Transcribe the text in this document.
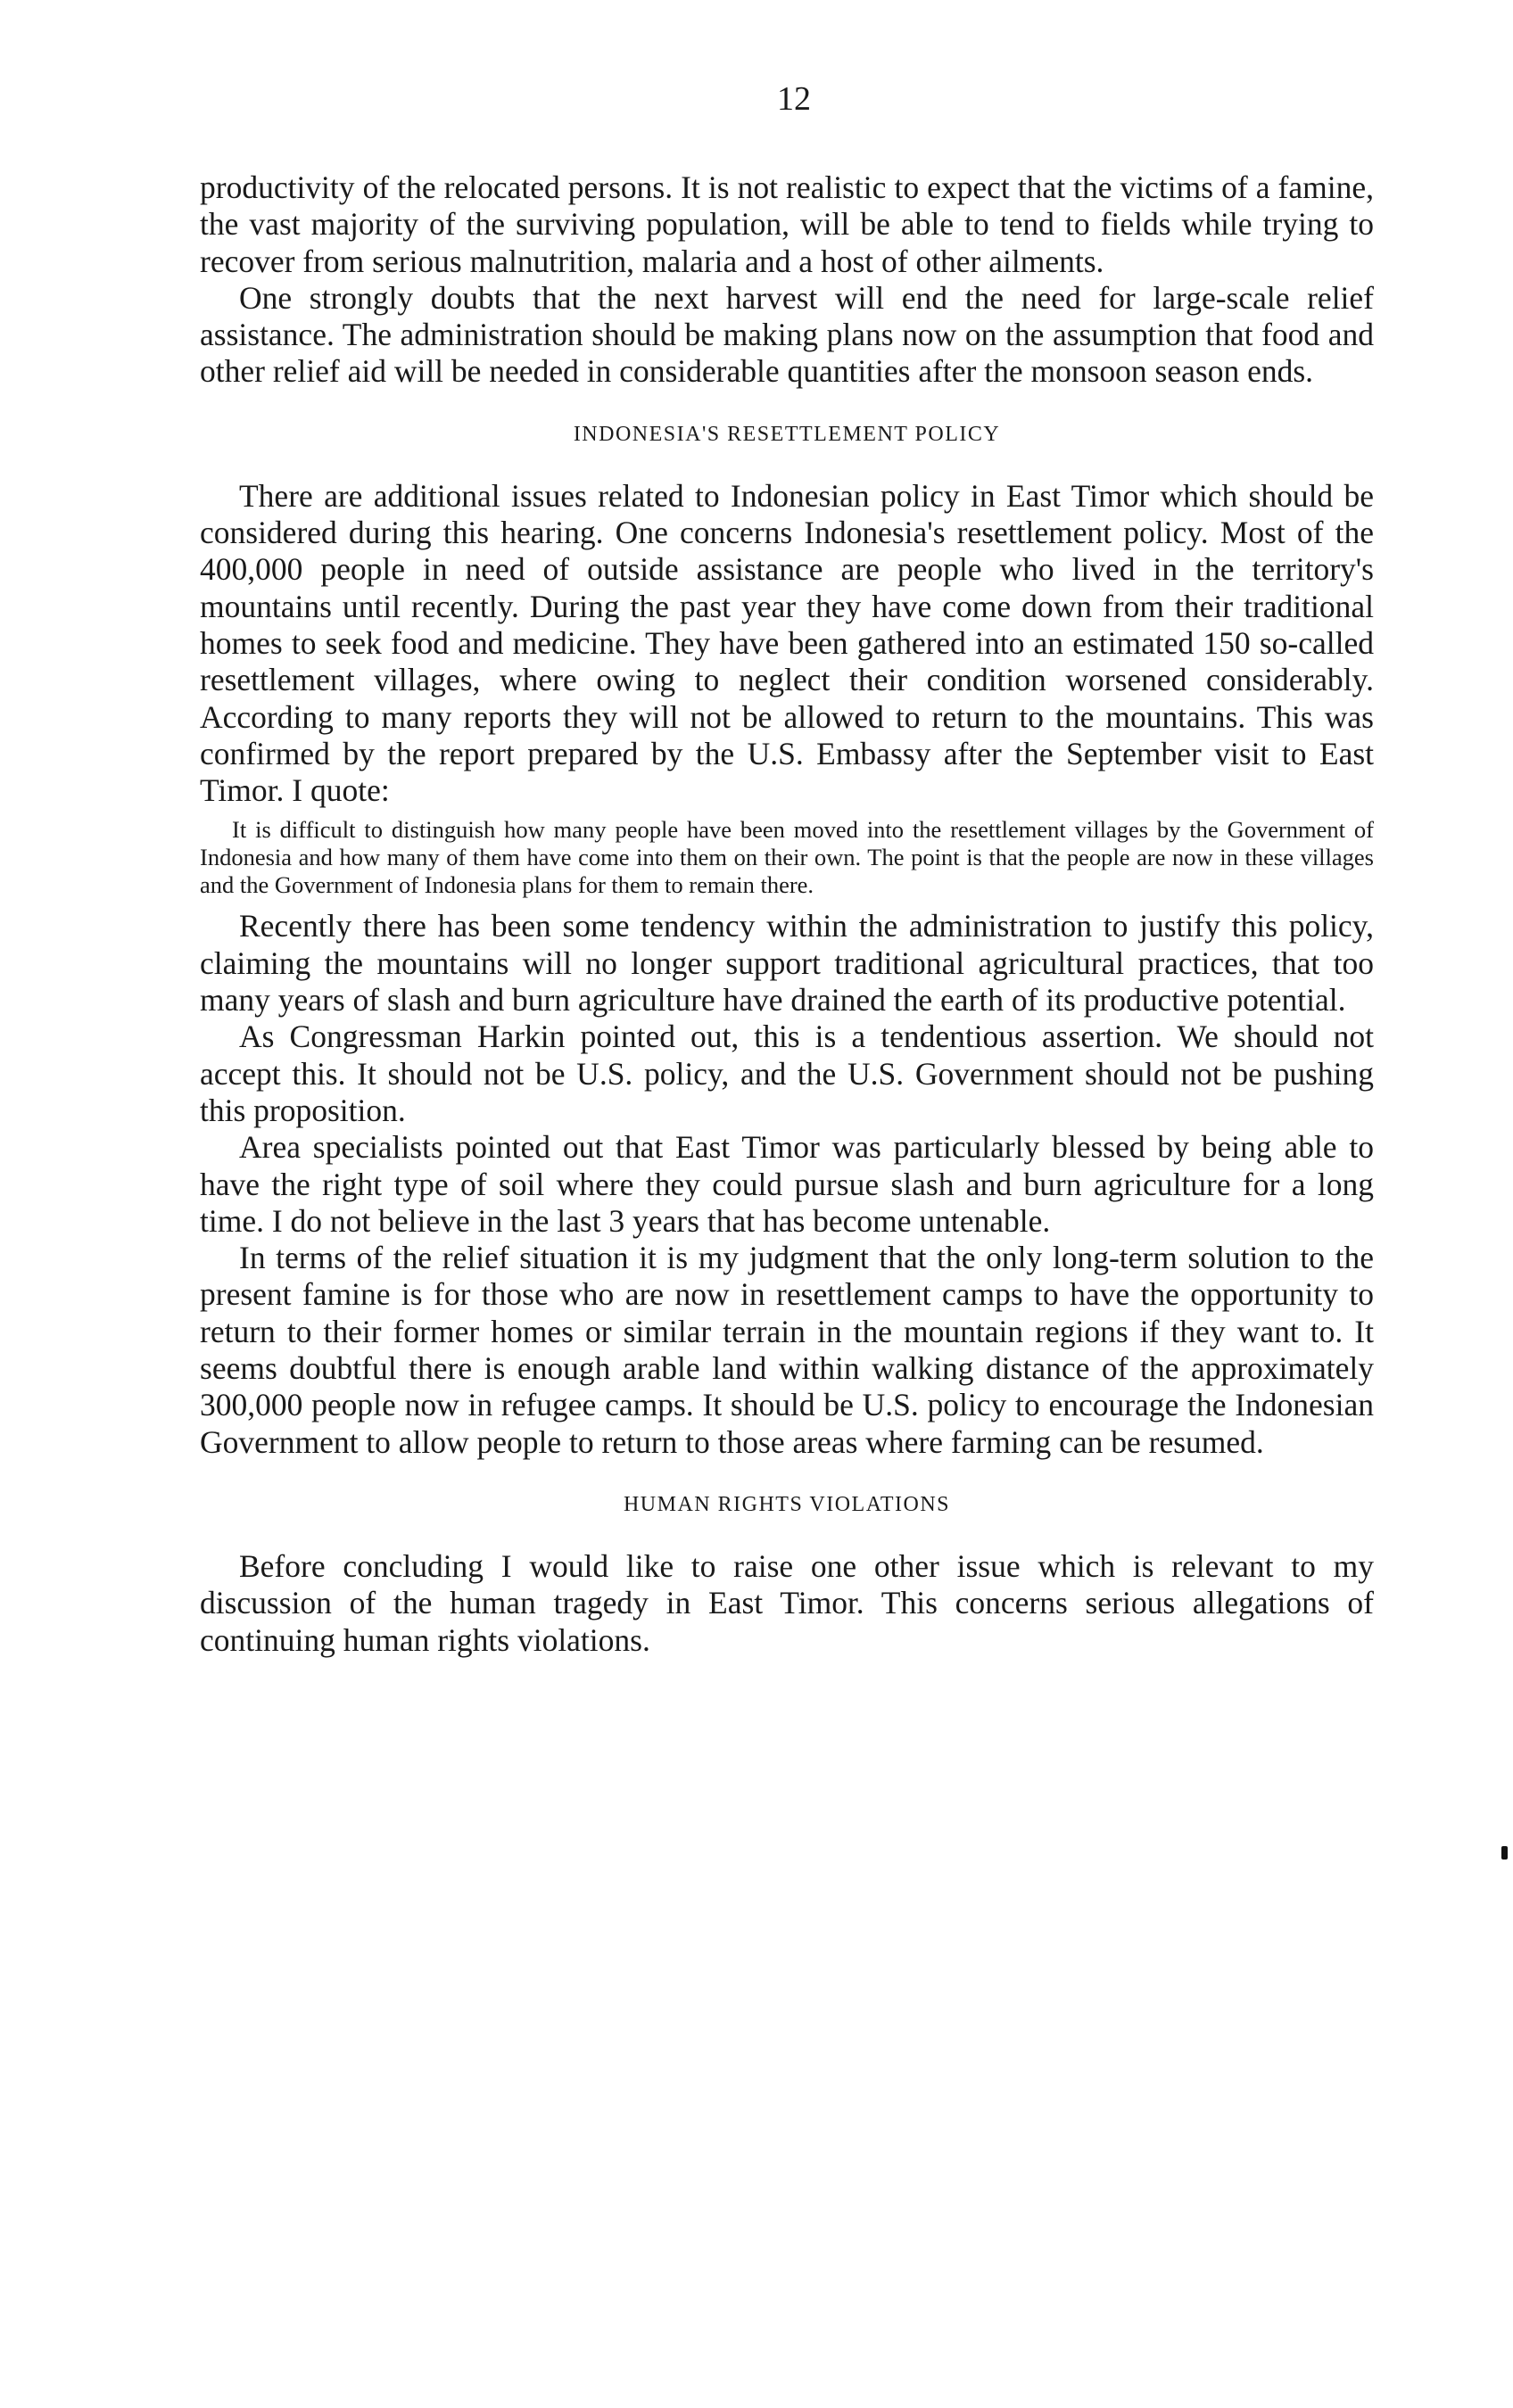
12

productivity of the relocated persons. It is not realistic to expect that the victims of a famine, the vast majority of the surviving population, will be able to tend to fields while trying to recover from serious malnutrition, malaria and a host of other ailments.

One strongly doubts that the next harvest will end the need for large-scale relief assistance. The administration should be making plans now on the assumption that food and other relief aid will be needed in considerable quantities after the monsoon season ends.

INDONESIA'S RESETTLEMENT POLICY

There are additional issues related to Indonesian policy in East Timor which should be considered during this hearing. One concerns Indonesia's resettlement policy. Most of the 400,000 people in need of outside assistance are people who lived in the territory's mountains until recently. During the past year they have come down from their traditional homes to seek food and medicine. They have been gathered into an estimated 150 so-called resettlement villages, where owing to neglect their condition worsened considerably. According to many reports they will not be allowed to return to the mountains. This was confirmed by the report prepared by the U.S. Embassy after the September visit to East Timor. I quote:

It is difficult to distinguish how many people have been moved into the resettlement villages by the Government of Indonesia and how many of them have come into them on their own. The point is that the people are now in these villages and the Government of Indonesia plans for them to remain there.

Recently there has been some tendency within the administration to justify this policy, claiming the mountains will no longer support traditional agricultural practices, that too many years of slash and burn agriculture have drained the earth of its productive potential.

As Congressman Harkin pointed out, this is a tendentious assertion. We should not accept this. It should not be U.S. policy, and the U.S. Government should not be pushing this proposition.

Area specialists pointed out that East Timor was particularly blessed by being able to have the right type of soil where they could pursue slash and burn agriculture for a long time. I do not believe in the last 3 years that has become untenable.

In terms of the relief situation it is my judgment that the only long-term solution to the present famine is for those who are now in resettlement camps to have the opportunity to return to their former homes or similar terrain in the mountain regions if they want to. It seems doubtful there is enough arable land within walking distance of the approximately 300,000 people now in refugee camps. It should be U.S. policy to encourage the Indonesian Government to allow people to return to those areas where farming can be resumed.

HUMAN RIGHTS VIOLATIONS

Before concluding I would like to raise one other issue which is relevant to my discussion of the human tragedy in East Timor. This concerns serious allegations of continuing human rights violations.
